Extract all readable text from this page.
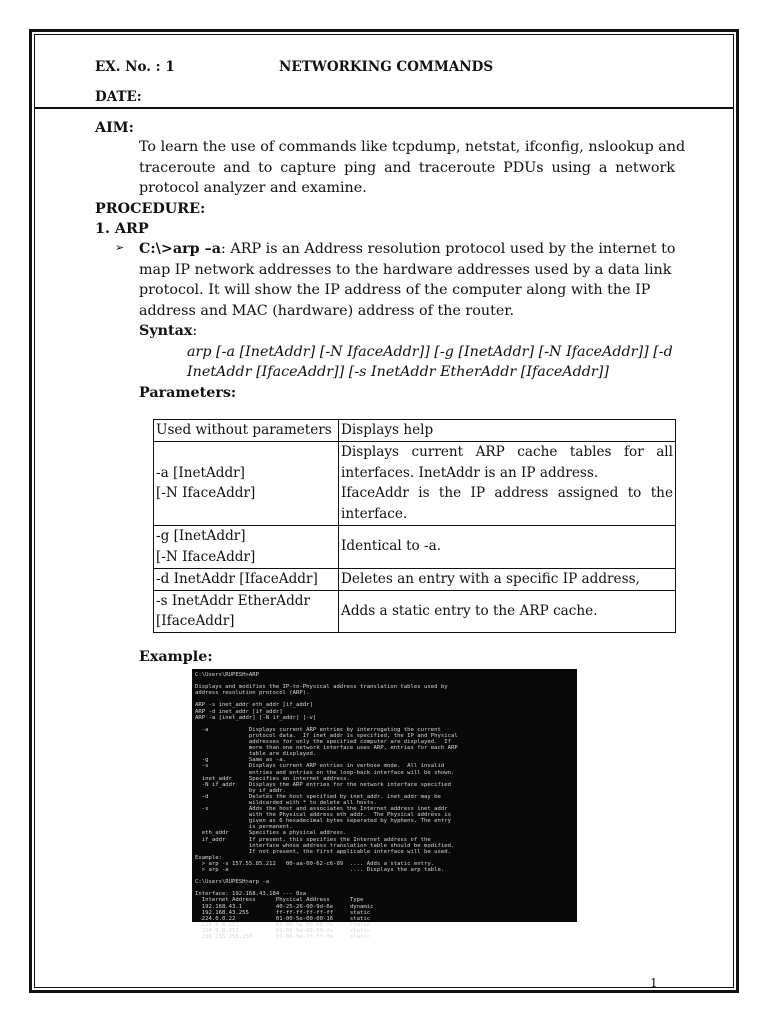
EX. No. : 1	NETWORKING COMMANDS
DATE:
AIM:
To learn the use of commands like tcpdump, netstat, ifconfig, nslookup and
traceroute and to capture ping and traceroute PDUs using a network
protocol analyzer and examine.
PROCEDURE:
1. ARP
➢ C:\>arp –a: ARP is an Address resolution protocol used by the internet to
map IP network addresses to the hardware addresses used by a data link
protocol. It will show the IP address of the computer along with the IP
address and MAC (hardware) address of the router.
Syntax:
arp [-a [InetAddr] [-N IfaceAddr]] [-g [InetAddr] [-N IfaceAddr]] [-d
InetAddr [IfaceAddr]] [-s InetAddr EtherAddr [IfaceAddr]]
Parameters:
Used without parameters	Displays help

-a [InetAddr]
[-N IfaceAddr]	Displays current ARP cache tables for all
interfaces. InetAddr is an IP address.
IfaceAddr is the IP address assigned to the
interface.

-g [InetAddr]
[-N IfaceAddr]	Identical to -a.
-d InetAddr [IfaceAddr]	Deletes an entry with a specific IP address,

-s InetAddr EtherAddr
[IfaceAddr]	Adds a static entry to the ARP cache.
Example:
C:\Users\RUPESH>ARP

Displays and modifies the IP-to-Physical address translation tables used by
address resolution protocol (ARP).

ARP -s inet_addr eth_addr [if_addr]
ARP -d inet_addr [if_addr]
ARP -a [inet_addr] [-N if_addr] [-v]

-a            Displays current ARP entries by interrogating the current
protocol data.  If inet_addr is specified, the IP and Physical
addresses for only the specified computer are displayed.  If
more than one network interface uses ARP, entries for each ARP
table are displayed.
-g            Same as -a.
-v            Displays current ARP entries in verbose mode.  All invalid
entries and entries on the loop-back interface will be shown.
inet_addr     Specifies an internet address.
-N if_addr    Displays the ARP entries for the network interface specified
by if_addr.
-d            Deletes the host specified by inet_addr. inet_addr may be
wildcarded with * to delete all hosts.
-s            Adds the host and associates the Internet address inet_addr
with the Physical address eth_addr.  The Physical address is
given as 6 hexadecimal bytes separated by hyphens. The entry
is permanent.
eth_addr      Specifies a physical address.
if_addr       If present, this specifies the Internet address of the
interface whose address translation table should be modified.
If not present, the first applicable interface will be used.
Example:
> arp -s 157.55.85.212   00-aa-00-62-c6-09  .... Adds a static entry.
> arp -a                                    .... Displays the arp table.

C:\Users\RUPESH>arp -a

Interface: 192.168.43.184 --- 0xa
Internet Address      Physical Address      Type
192.168.43.1          40-25-26-00-9d-6e     dynamic
192.168.43.255        ff-ff-ff-ff-ff-ff     static
224.0.0.22            01-00-5e-00-00-16     static
224.0.0.251           01-00-5e-00-00-fb     static
224.0.0.252           01-00-5e-00-00-fc     static
239.255.255.250       01-00-5e-7f-ff-fa     static
1
